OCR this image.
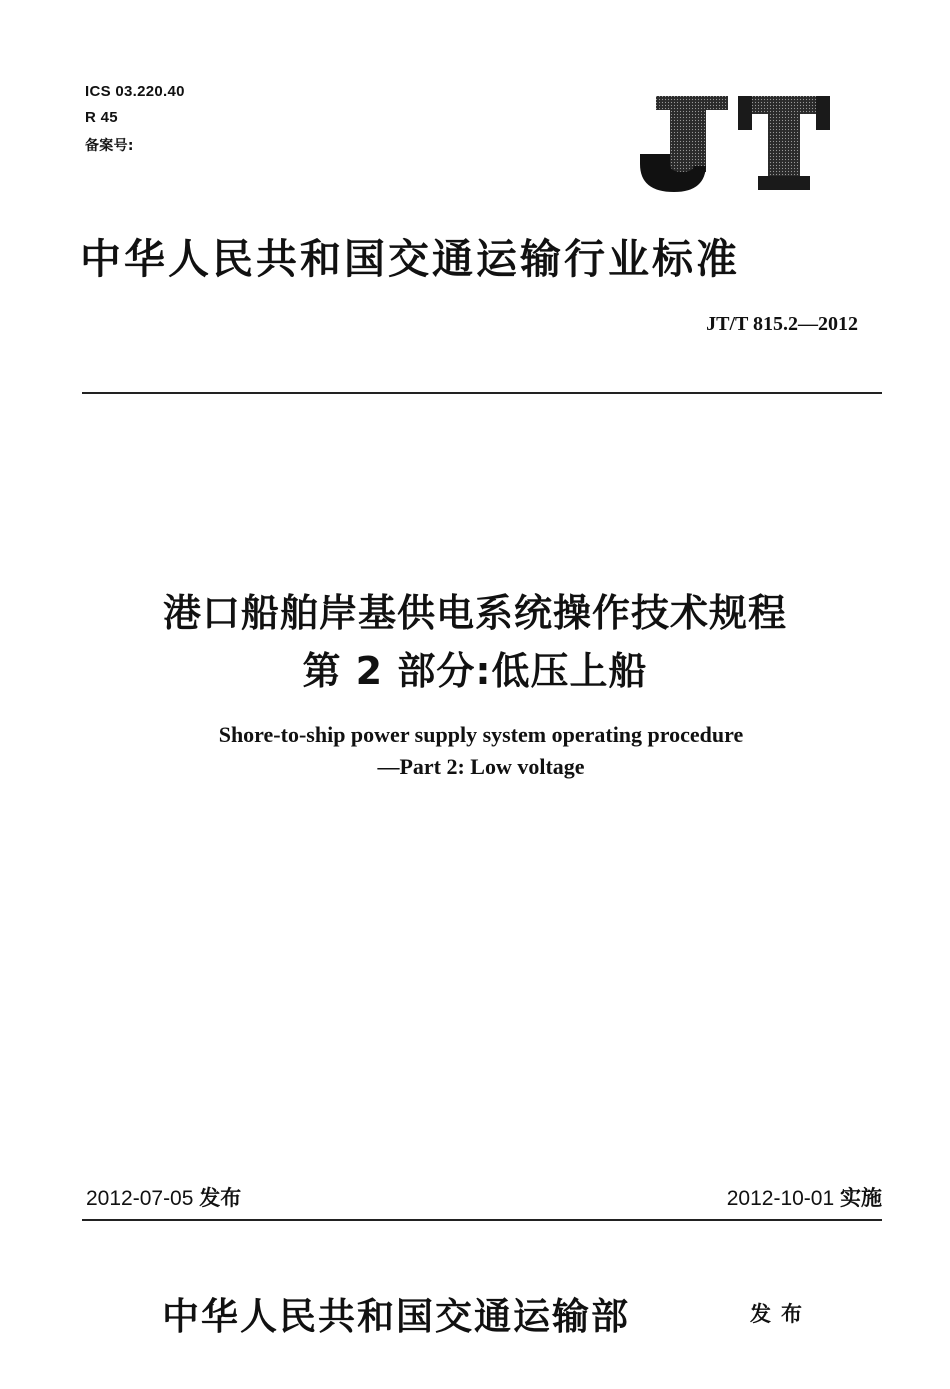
ICS 03.220.40
R 45
备案号:
中华人民共和国交通运输行业标准
JT/T 815.2—2012
港口船舶岸基供电系统操作技术规程
第 2 部分:低压上船
Shore-to-ship power supply system operating procedure
—Part 2: Low voltage
2012-07-05 发布	2012-10-01 实施
中华人民共和国交通运输部	发布
